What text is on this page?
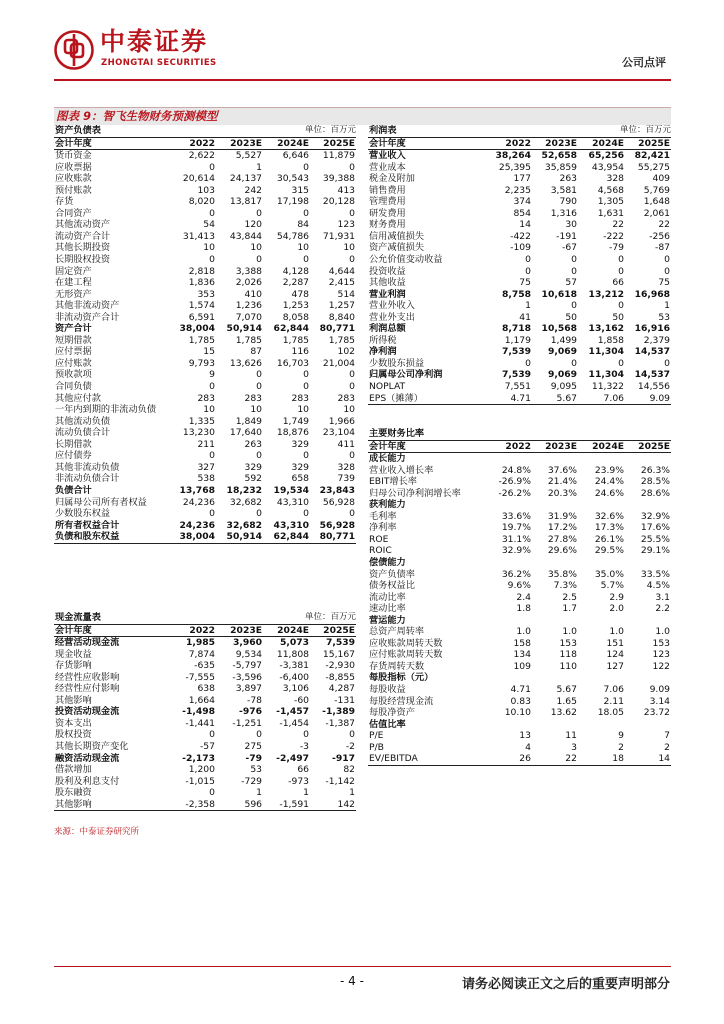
中泰证券
ZHONGTAI SECURITIES	公司点评
图表 9：智飞生物财务预测模型
资产负债表			单位：百万元	
会计年度	2022	2023E	2024E	2025E
货币资金	2,622	5,527	6,646	11,879
应收票据	0	1	0	0
应收账款	20,614	24,137	30,543	39,388
预付账款	103	242	315	413
存货	8,020	13,817	17,198	20,128
合同资产	0	0	0	0
其他流动资产	54	120	84	123
流动资产合计	31,413	43,844	54,786	71,931
其他长期投资	10	10	10	10
长期股权投资	0	0	0	0
固定资产	2,818	3,388	4,128	4,644
在建工程	1,836	2,026	2,287	2,415
无形资产	353	410	478	514
其他非流动资产	1,574	1,236	1,253	1,257
非流动资产合计	6,591	7,070	8,058	8,840
资产合计	38,004	50,914	62,844	80,771
短期借款	1,785	1,785	1,785	1,785
应付票据	15	87	116	102
应付账款	9,793	13,626	16,703	21,004
预收款项	9	0	0	0
合同负债	0	0	0	0
其他应付款	283	283	283	283
一年内到期的非流动负债	10	10	10	10
其他流动负债	1,335	1,849	1,749	1,966
流动负债合计	13,230	17,640	18,876	23,104
长期借款	211	263	329	411
应付债券	0	0	0	0
其他非流动负债	327	329	329	328
非流动负债合计	538	592	658	739
负债合计	13,768	18,232	19,534	23,843
归属母公司所有者权益	24,236	32,682	43,310	56,928
少数股东权益	0	0	0	0
所有者权益合计	24,236	32,682	43,310	56,928
负债和股东权益	38,004	50,914	62,844	80,771
现金流量表			单位：百万元	
会计年度	2022	2023E	2024E	2025E
经营活动现金流	1,985	3,960	5,073	7,539
现金收益	7,874	9,534	11,808	15,167
存货影响	-635	-5,797	-3,381	-2,930
经营性应收影响	-7,555	-3,596	-6,400	-8,855
经营性应付影响	638	3,897	3,106	4,287
其他影响	1,664	-78	-60	-131
投资活动现金流	-1,498	-976	-1,457	-1,389
资本支出	-1,441	-1,251	-1,454	-1,387
股权投资	0	0	0	0
其他长期资产变化	-57	275	-3	-2
融资活动现金流	-2,173	-79	-2,497	-917
借款增加	1,200	53	66	82
股利及利息支付	-1,015	-729	-973	-1,142
股东融资	0	1	1	1
其他影响	-2,358	596	-1,591	142
利润表			单位：百万元	
会计年度	2022	2023E	2024E	2025E
营业收入	38,264	52,658	65,256	82,421
营业成本	25,395	35,859	43,954	55,275
税金及附加	177	263	328	409
销售费用	2,235	3,581	4,568	5,769
管理费用	374	790	1,305	1,648
研发费用	854	1,316	1,631	2,061
财务费用	14	30	22	22
信用减值损失	-422	-191	-222	-256
资产减值损失	-109	-67	-79	-87
公允价值变动收益	0	0	0	0
投资收益	0	0	0	0
其他收益	75	57	66	75
营业利润	8,758	10,618	13,212	16,968
营业外收入	1	0	0	1
营业外支出	41	50	50	53
利润总额	8,718	10,568	13,162	16,916
所得税	1,179	1,499	1,858	2,379
净利润	7,539	9,069	11,304	14,537
少数股东损益	0	0	0	0
归属母公司净利润	7,539	9,069	11,304	14,537
NOPLAT	7,551	9,095	11,322	14,556
EPS（摊薄）	4.71	5.67	7.06	9.09
主要财务比率				
会计年度	2022	2023E	2024E	2025E
成长能力				
营业收入增长率	24.8%	37.6%	23.9%	26.3%
EBIT增长率	-26.9%	21.4%	24.4%	28.5%
归母公司净利润增长率	-26.2%	20.3%	24.6%	28.6%
获利能力				
毛利率	33.6%	31.9%	32.6%	32.9%
净利率	19.7%	17.2%	17.3%	17.6%
ROE	31.1%	27.8%	26.1%	25.5%
ROIC	32.9%	29.6%	29.5%	29.1%
偿债能力				
资产负债率	36.2%	35.8%	35.0%	33.5%
债务权益比	9.6%	7.3%	5.7%	4.5%
流动比率	2.4	2.5	2.9	3.1
速动比率	1.8	1.7	2.0	2.2
营运能力				
总资产周转率	1.0	1.0	1.0	1.0
应收账款周转天数	158	153	151	153
应付账款周转天数	134	118	124	123
存货周转天数	109	110	127	122
每股指标（元）				
每股收益	4.71	5.67	7.06	9.09
每股经营现金流	0.83	1.65	2.11	3.14
每股净资产	10.10	13.62	18.05	23.72
估值比率				
P/E	13	11	9	7
P/B	4	3	2	2
EV/EBITDA	26	22	18	14
来源：中泰证券研究所
- 4 -	请务必阅读正文之后的重要声明部分
